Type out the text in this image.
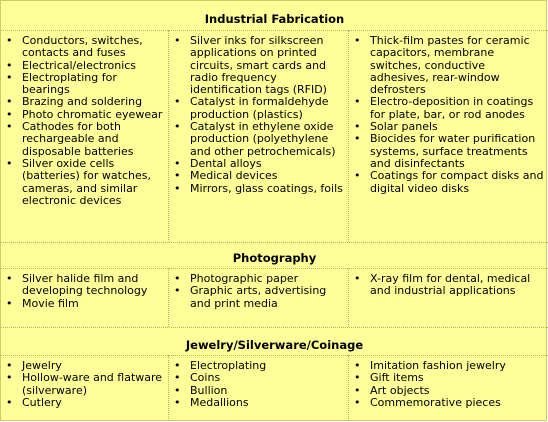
Industrial Fabrication
• Conductors, switches, contacts and fuses
• Electrical/electronics
• Electroplating for bearings
• Brazing and soldering
• Photo chromatic eyewear
• Cathodes for both rechargeable and disposable batteries
• Silver oxide cells (batteries) for watches, cameras, and similar electronic devices
• Silver inks for silkscreen applications on printed circuits, smart cards and radio frequency identification tags (RFID)
• Catalyst in formaldehyde production (plastics)
• Catalyst in ethylene oxide production (polyethylene and other petrochemicals)
• Dental alloys
• Medical devices
• Mirrors, glass coatings, foils
• Thick-film pastes for ceramic capacitors, membrane switches, conductive adhesives, rear-window defrosters
• Electro-deposition in coatings for plate, bar, or rod anodes
• Solar panels
• Biocides for water purification systems, surface treatments and disinfectants
• Coatings for compact disks and digital video disks
Photography
• Silver halide film and developing technology
• Movie film
• Photographic paper
• Graphic arts, advertising and print media
• X-ray film for dental, medical and industrial applications
Jewelry/Silverware/Coinage
• Jewelry
• Hollow-ware and flatware (silverware)
• Cutlery
• Electroplating
• Coins
• Bullion
• Medallions
• Imitation fashion jewelry
• Gift items
• Art objects
• Commemorative pieces
